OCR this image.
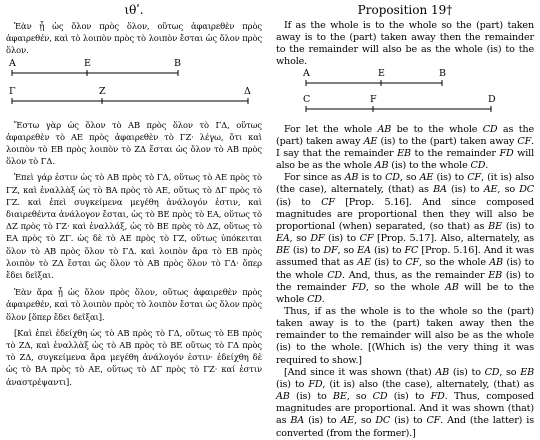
ιθʹ.

Ἐὰν ᾖ ὡς ὅλον πρὸς ὅλον, οὕτως ἀφαιρεθὲν πρὸς ἀφαιρεθέν, καὶ τὸ λοιπὸν πρὸς τὸ λοιπὸν ἔσται ὡς ὅλον πρὸς ὅλον.

Α	Ε	Β
Γ	Ζ	Δ

Ἔστω γὰρ ὡς ὅλον τὸ ΑΒ πρὸς ὅλον τὸ ΓΔ, οὕτως ἀφαιρεθὲν τὸ ΑΕ πρὸς ἀφαιρεθὲν τὸ ΓΖ· λέγω, ὅτι καὶ λοιπὸν τὸ ΕΒ πρὸς λοιπὸν τὸ ΖΔ ἔσται ὡς ὅλον τὸ ΑΒ πρὸς ὅλον τὸ ΓΔ.

Ἐπεὶ γάρ ἐστιν ὡς τὸ ΑΒ πρὸς τὸ ΓΔ, οὕτως τὸ ΑΕ πρὸς τὸ ΓΖ, καὶ ἐναλλὰξ ὡς τὸ ΒΑ πρὸς τὸ ΑΕ, οὕτως τὸ ΔΓ πρὸς τὸ ΓΖ. καὶ ἐπεὶ συγκείμενα μεγέθη ἀνάλογόν ἐστιν, καὶ διαιρεθέντα ἀνάλογον ἔσται, ὡς τὸ ΒΕ πρὸς τὸ ΕΑ, οὕτως τὸ ΔΖ πρὸς τὸ ΓΖ· καὶ ἐναλλάξ, ὡς τὸ ΒΕ πρὸς τὸ ΔΖ, οὕτως τὸ ΕΑ πρὸς τὸ ΖΓ. ὡς δὲ τὸ ΑΕ πρὸς τὸ ΓΖ, οὕτως ὑπόκειται ὅλον τὸ ΑΒ πρὸς ὅλον τὸ ΓΔ. καὶ λοιπὸν ἄρα τὸ ΕΒ πρὸς λοιπὸν τὸ ΖΔ ἔσται ὡς ὅλον τὸ ΑΒ πρὸς ὅλον τὸ ΓΔ· ὅπερ ἔδει δεῖξαι.

Ἐὰν ἄρα ᾖ ὡς ὅλον πρὸς ὅλον, οὕτως ἀφαιρεθὲν πρὸς ἀφαιρεθέν, καὶ τὸ λοιπὸν πρὸς τὸ λοιπὸν ἔσται ὡς ὅλον πρὸς ὅλον [ὅπερ ἔδει δεῖξαι].

[Καὶ ἐπεὶ ἐδείχθη ὡς τὸ ΑΒ πρὸς τὸ ΓΔ, οὕτως τὸ ΕΒ πρὸς τὸ ΖΔ, καὶ ἐναλλὰξ ὡς τὸ ΑΒ πρὸς τὸ ΒΕ οὕτως τὸ ΓΔ πρὸς τὸ ΖΔ, συγκείμενα ἄρα μεγέθη ἀνάλογόν ἐστιν· ἐδείχθη δὲ ὡς τὸ ΒΑ πρὸς τὸ ΑΕ, οὕτως τὸ ΔΓ πρὸς τὸ ΓΖ· καί ἐστιν ἀναστρέψαντι].

Proposition 19†

If as the whole is to the whole so the (part) taken away is to the (part) taken away then the remainder to the remainder will also be as the whole (is) to the whole.

A	E	B
C	F	D

For let the whole AB be to the whole CD as the (part) taken away AE (is) to the (part) taken away CF. I say that the remainder EB to the remainder FD will also be as the whole AB (is) to the whole CD.

For since as AB is to CD, so AE (is) to CF, (it is) also (the case), alternately, (that) as BA (is) to AE, so DC (is) to CF [Prop. 5.16]. And since composed magnitudes are proportional then they will also be proportional (when) separated, (so that) as BE (is) to EA, so DF (is) to CF [Prop. 5.17]. Also, alternately, as BE (is) to DF, so EA (is) to FC [Prop. 5.16]. And it was assumed that as AE (is) to CF, so the whole AB (is) to the whole CD. And, thus, as the remainder EB (is) to the remainder FD, so the whole AB will be to the whole CD.

Thus, if as the whole is to the whole so the (part) taken away is to the (part) taken away then the remainder to the remainder will also be as the whole (is) to the whole. [(Which is) the very thing it was required to show.]

[And since it was shown (that) AB (is) to CD, so EB (is) to FD, (it is) also (the case), alternately, (that) as AB (is) to BE, so CD (is) to FD. Thus, composed magnitudes are proportional. And it was shown (that) as BA (is) to AE, so DC (is) to CF. And (the latter) is converted (from the former).]
